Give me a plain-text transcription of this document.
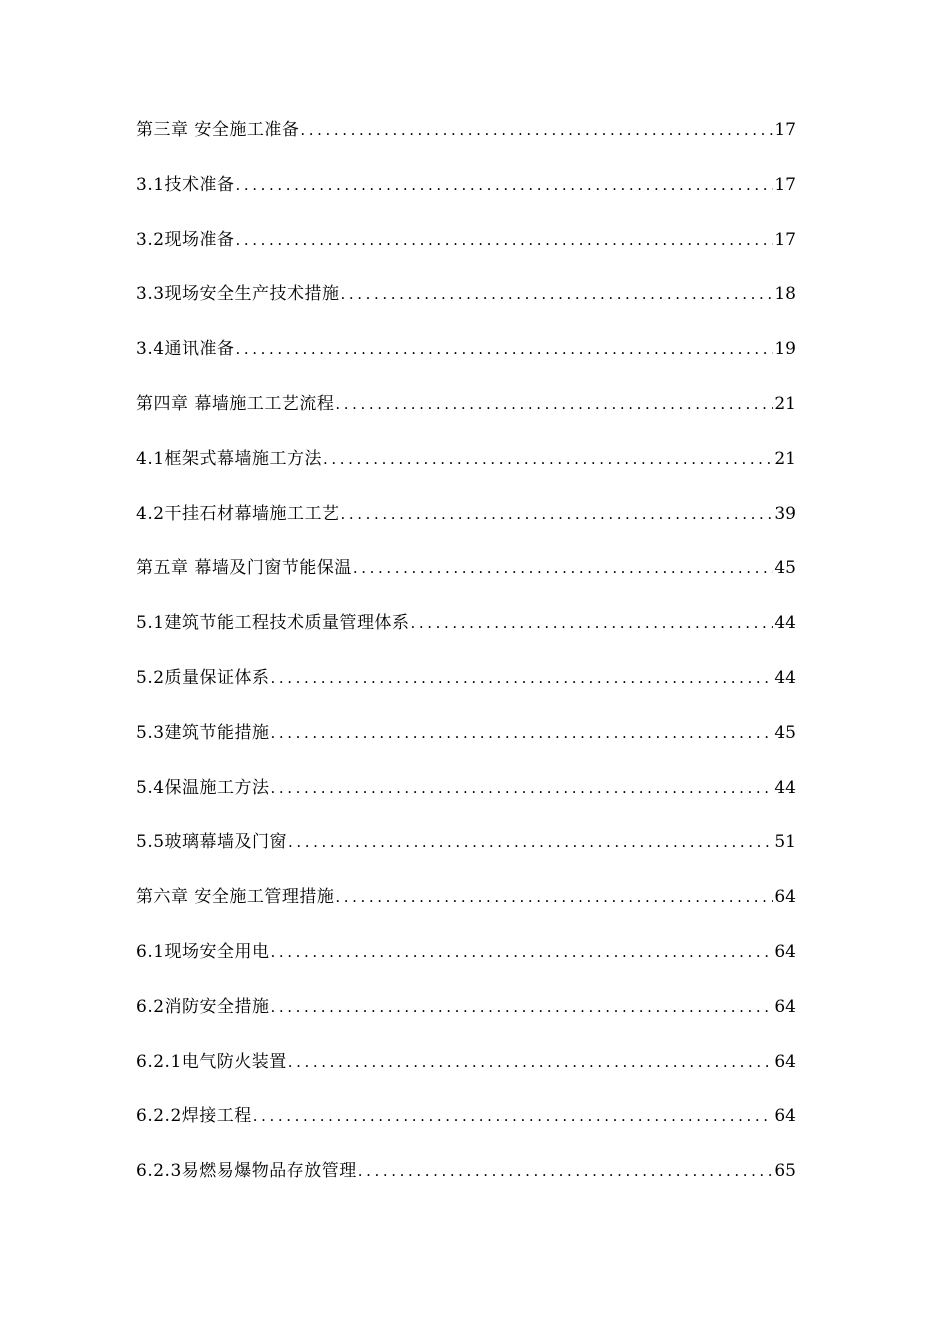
第三章 安全施工准备 .....	17
3.1技术准备 .....	17
3.2现场准备 .....	17
3.3现场安全生产技术措施 .....	18
3.4通讯准备 .....	19
第四章 幕墙施工工艺流程 .....	21
4.1框架式幕墙施工方法 .....	21
4.2干挂石材幕墙施工工艺 .....	39
第五章 幕墙及门窗节能保温 .....	45
5.1建筑节能工程技术质量管理体系 .....	44
5.2质量保证体系 .....	44
5.3建筑节能措施 .....	45
5.4保温施工方法 .....	44
5.5玻璃幕墙及门窗 .....	51
第六章 安全施工管理措施 .....	64
6.1现场安全用电 .....	64
6.2消防安全措施 .....	64
6.2.1电气防火装置 .....	64
6.2.2焊接工程 .....	64
6.2.3易燃易爆物品存放管理 .....	65
